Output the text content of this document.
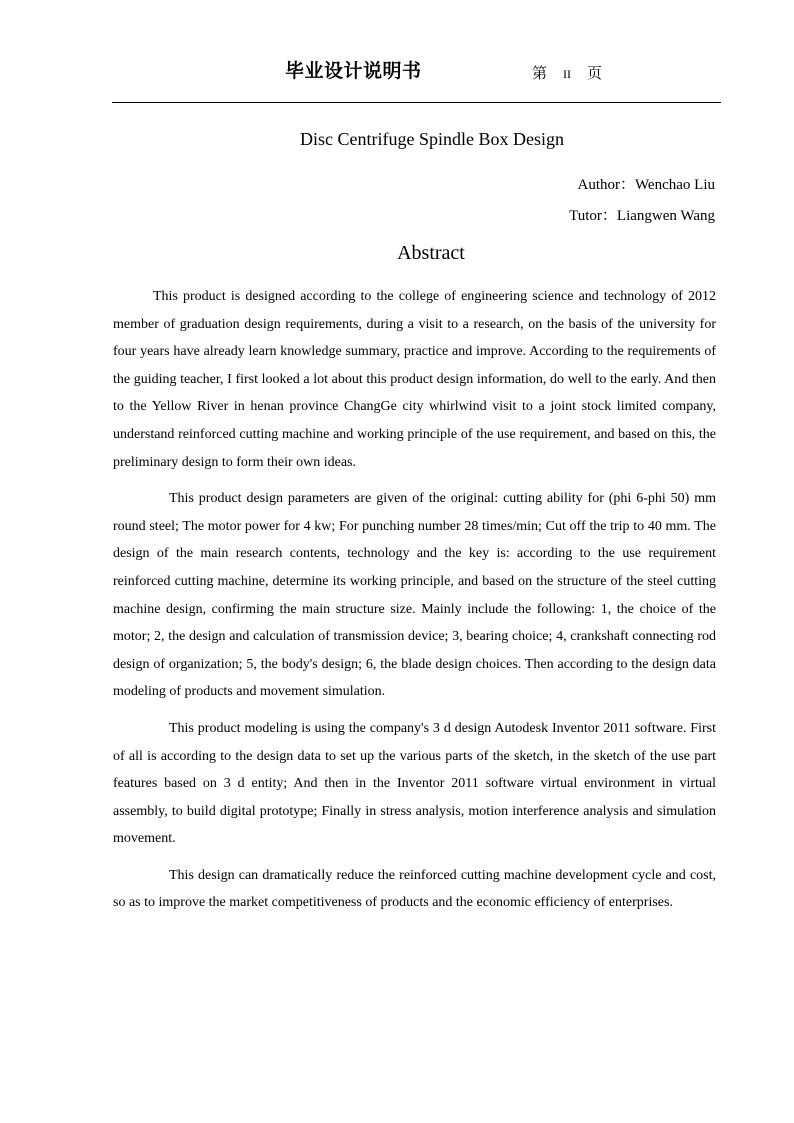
毕业设计说明书	第 II 页
Disc Centrifuge Spindle Box Design
Author：Wenchao Liu
Tutor：Liangwen Wang
Abstract

This product is designed according to the college of engineering science and technology of 2012 member of graduation design requirements, during a visit to a research, on the basis of the university for four years have already learn knowledge summary, practice and improve. According to the requirements of the guiding teacher, I first looked a lot about this product design information, do well to the early. And then to the Yellow River in henan province ChangGe city whirlwind visit to a joint stock limited company, understand reinforced cutting machine and working principle of the use requirement, and based on this, the preliminary design to form their own ideas.

This product design parameters are given of the original: cutting ability for (phi 6-phi 50) mm round steel; The motor power for 4 kw; For punching number 28 times/min; Cut off the trip to 40 mm. The design of the main research contents, technology and the key is: according to the use requirement reinforced cutting machine, determine its working principle, and based on the structure of the steel cutting machine design, confirming the main structure size. Mainly include the following: 1, the choice of the motor; 2, the design and calculation of transmission device; 3, bearing choice; 4, crankshaft connecting rod design of organization; 5, the body's design; 6, the blade design choices. Then according to the design data modeling of products and movement simulation.

This product modeling is using the company's 3 d design Autodesk Inventor 2011 software. First of all is according to the design data to set up the various parts of the sketch, in the sketch of the use part features based on 3 d entity; And then in the Inventor 2011 software virtual environment in virtual assembly, to build digital prototype; Finally in stress analysis, motion interference analysis and simulation movement.

This design can dramatically reduce the reinforced cutting machine development cycle and cost, so as to improve the market competitiveness of products and the economic efficiency of enterprises.
